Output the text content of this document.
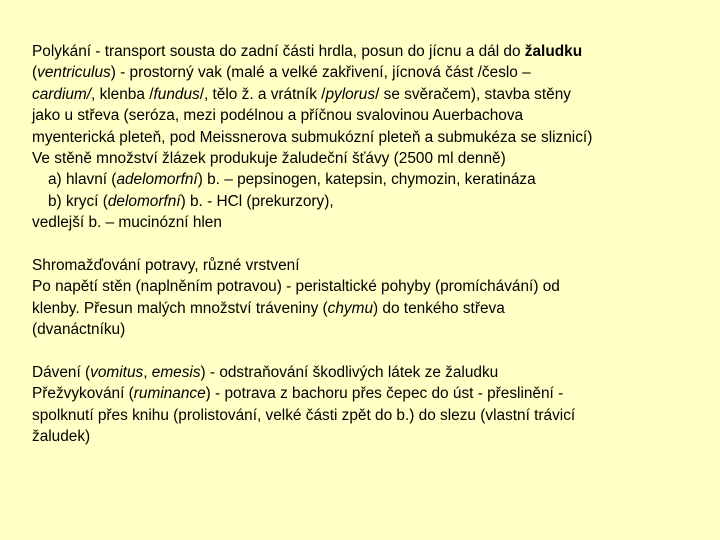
Polykání - transport sousta do zadní části hrdla, posun do jícnu a dál do žaludku
(ventriculus) - prostorný vak (malé a velké zakřivení, jícnová část /česlo –
cardium/, klenba /fundus/, tělo ž. a vrátník /pylorus/ se svěračem), stavba stěny
jako u střeva (seróza, mezi podélnou a příčnou svalovinou Auerbachova
myenterická pleteň, pod Meissnerova submukózní pleteň a submukéza se sliznicí)
Ve stěně množství žlázek produkuje žaludeční šťávy (2500 ml denně)
a) hlavní (adelomorfní) b. – pepsinogen, katepsin, chymozin, keratináza
b) krycí (delomorfní) b. - HCl (prekurzory),
vedlejší b. – mucinózní hlen
Shromažďování potravy, různé vrstvení
Po napětí stěn (naplněním potravou) - peristaltické pohyby (promíchávání) od
klenby. Přesun malých množství tráveniny (chymu) do tenkého střeva
(dvanáctníku)
Dávení (vomitus, emesis) - odstraňování škodlivých látek ze žaludku
Přežvykování (ruminance) - potrava z bachoru přes čepec do úst - přeslinění -
spolknutí přes knihu (prolistování, velké části zpět do b.) do slezu (vlastní trávicí
žaludek)
